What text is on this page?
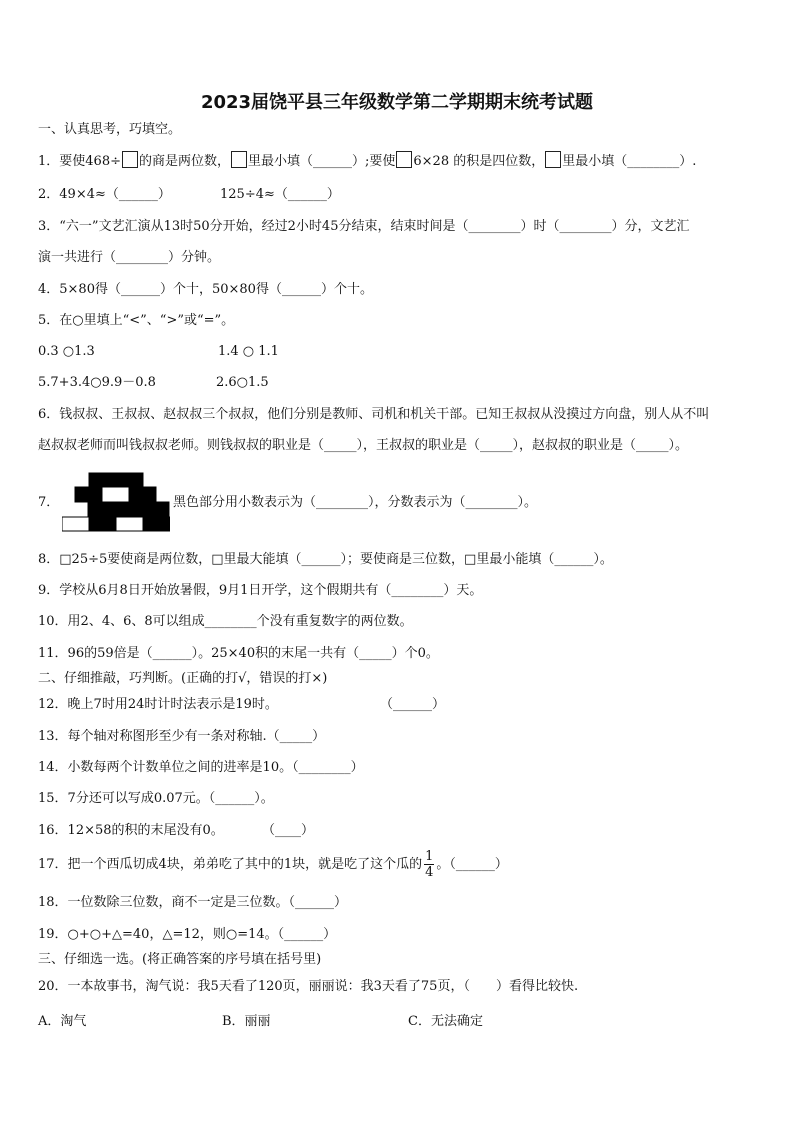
2023届饶平县三年级数学第二学期期末统考试题
一、认真思考，巧填空。
1．要使468÷ 的商是两位数， 里最小填（______）;要使 6×28 的积是四位数， 里最小填（________）.
2．49×4≈（______）	125÷4≈（______）
3．“六一”文艺汇演从13时50分开始，经过2小时45分结束，结束时间是（________）时（________）分，文艺汇
演一共进行（________）分钟。
4．5×80得（______）个十，50×80得（______）个十。
5．在○里填上“<”、“>”或“=”。
0.3 ○1.3	1.4 ○ 1.1
5.7+3.4○9.9－0.8	2.6○1.5
6．钱叔叔、王叔叔、赵叔叔三个叔叔，他们分别是教师、司机和机关干部。已知王叔叔从没摸过方向盘，别人从不叫
赵叔叔老师而叫钱叔叔老师。则钱叔叔的职业是（_____），王叔叔的职业是（_____），赵叔叔的职业是（_____）。
7．	黑色部分用小数表示为（________），分数表示为（________）。
8．□25÷5要使商是两位数，□里最大能填（______）；要使商是三位数，□里最小能填（______）。
9．学校从6月8日开始放暑假，9月1日开学，这个假期共有（________）天。
10．用2、4、6、8可以组成________个没有重复数字的两位数。
11．96的59倍是（______）。25×40积的末尾一共有（_____）个0。
二、仔细推敲，巧判断。(正确的打√，错误的打×)
12．晚上7时用24时计时法表示是19时。	（______）
13．每个轴对称图形至少有一条对称轴.（_____）
14．小数每两个计数单位之间的进率是10。（________）
15．7分还可以写成0.07元。（______）。
16．12×58的积的末尾没有0。	（____）
17．把一个西瓜切成4块，弟弟吃了其中的1块，就是吃了这个瓜的 $\frac{1}{4}$ 。（______）
18．一位数除三位数，商不一定是三位数。（______）
19．○+○+△=40，△=12，则○=14。（______）
三、仔细选一选。(将正确答案的序号填在括号里)
20．一本故事书，淘气说：我5天看了120页，丽丽说：我3天看了75页，（　　）看得比较快.
A．淘气	B．丽丽	C．无法确定
